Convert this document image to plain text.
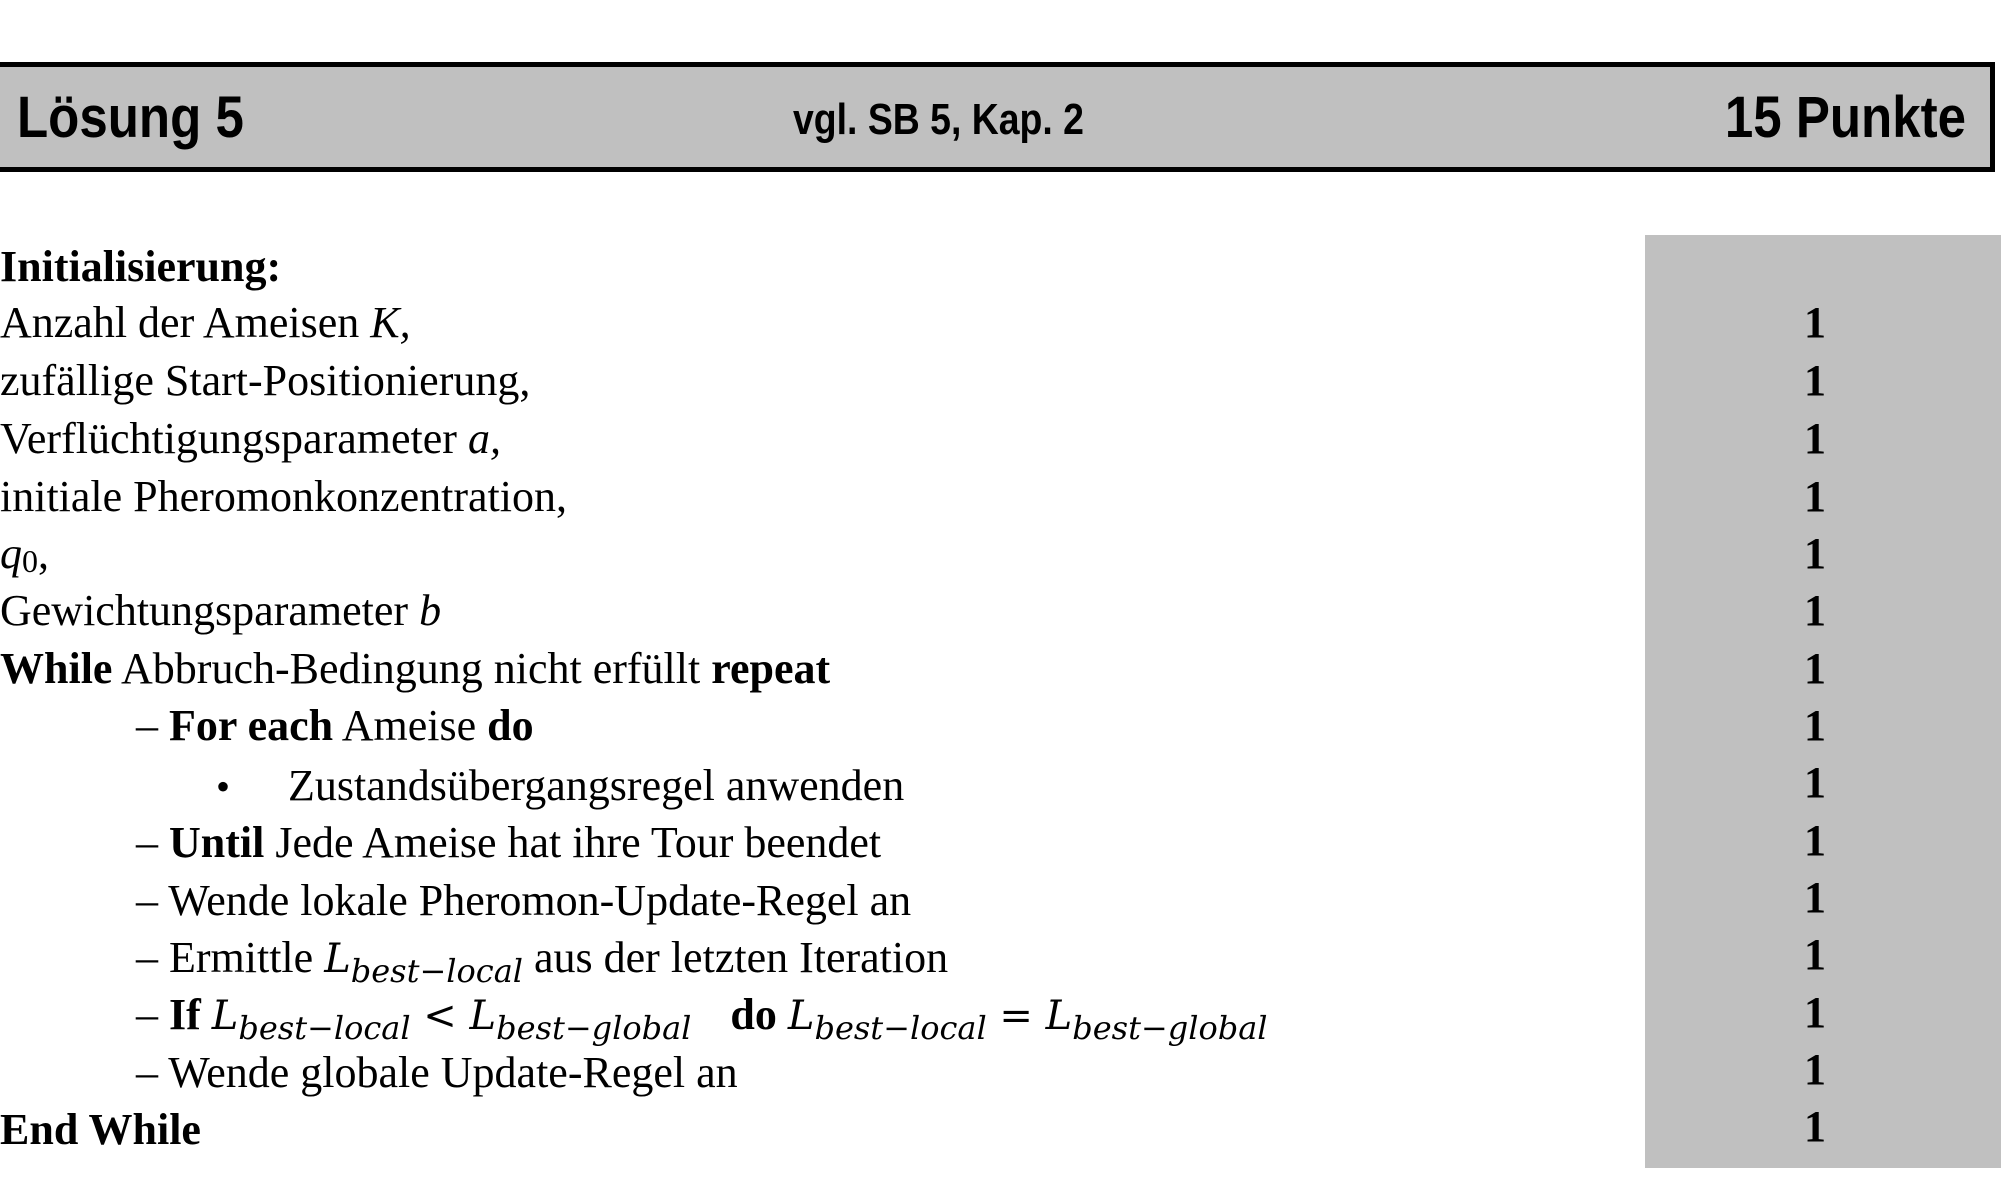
Lösung 5	vgl. SB 5, Kap. 2	15 Punkte
Initialisierung:
Anzahl der Ameisen K,	1
zufällige Start-Positionierung,	1
Verflüchtigungsparameter a,	1
initiale Pheromonkonzentration,	1
q0,	1
Gewichtungsparameter b	1
While Abbruch-Bedingung nicht erfüllt repeat	1
– For each Ameise do	1
• Zustandsübergangsregel anwenden	1
– Until Jede Ameise hat ihre Tour beendet	1
– Wende lokale Pheromon-Update-Regel an	1
– Ermittle $L_{best-local}$ aus der letzten Iteration	1
– If $L_{best-local} < L_{best-global}$ do $L_{best-local} = L_{best-global}$	1
– Wende globale Update-Regel an	1
End While	1
